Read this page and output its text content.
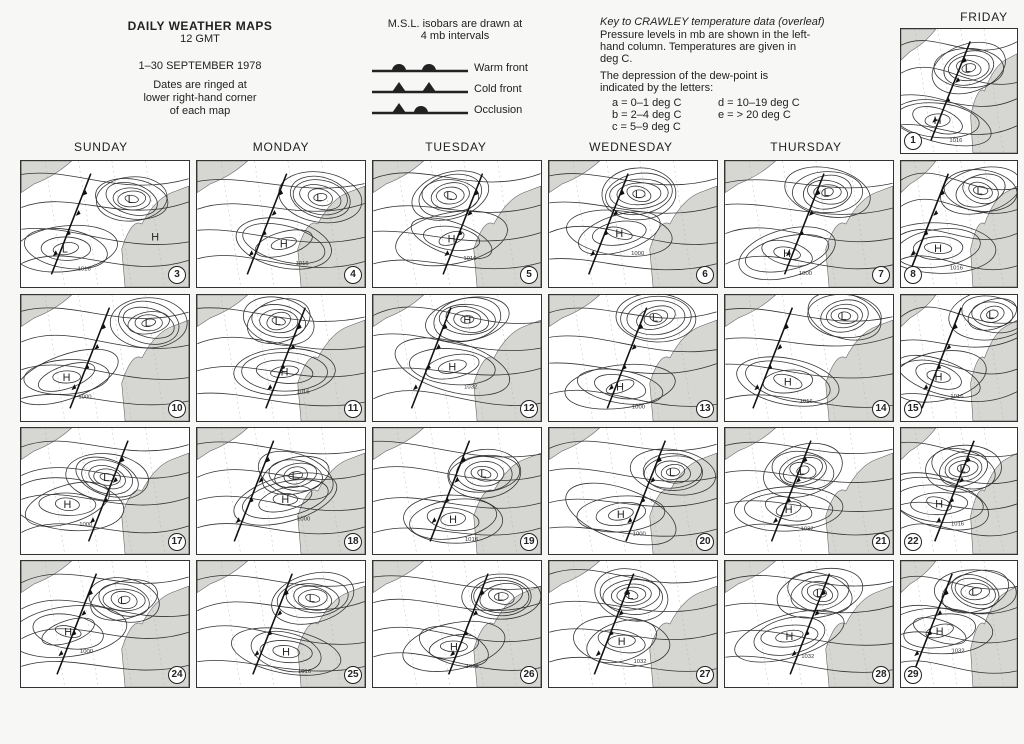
DAILY WEATHER MAPS
12 GMT
1–30 SEPTEMBER 1978
Dates are ringed at
lower right-hand corner
of each map
M.S.L. isobars are drawn at
4 mb intervals
Warm front
Cold front
Occlusion
Key to CRAWLEY temperature data (overleaf)
Pressure levels in mb are shown in the left-
hand column. Temperatures are given in
deg C.
The depression of the dew-point is
indicated by the letters:
a = 0–1 deg C
b = 2–4 deg C
c = 5–9 deg C
d = 10–19 deg C
e = > 20 deg C
FRIDAY
SUNDAY	MONDAY	TUESDAY	WEDNESDAY	THURSDAY
H
L
1016
1
L
L
H
1016	3
H
L
1016
4
H
L
1016
5
H
L
1000
6
H
L
1000	7
H
L
1016
8
H
L
1000
10
H
L
1016
11
H
H
1032
12
H
L
1000	13
H
L
1016
14
H
L
1016
15
H
L
1000
17
H
L
1000
18
H
L
1016	19
H
L
1000
20
H
L
1032
21
H
L
1016
22
H
L
1000
24
H
L
1016	25
H
L
1032
26
H
L
1032
27
H
L
1032
28
H
L
1032
29
